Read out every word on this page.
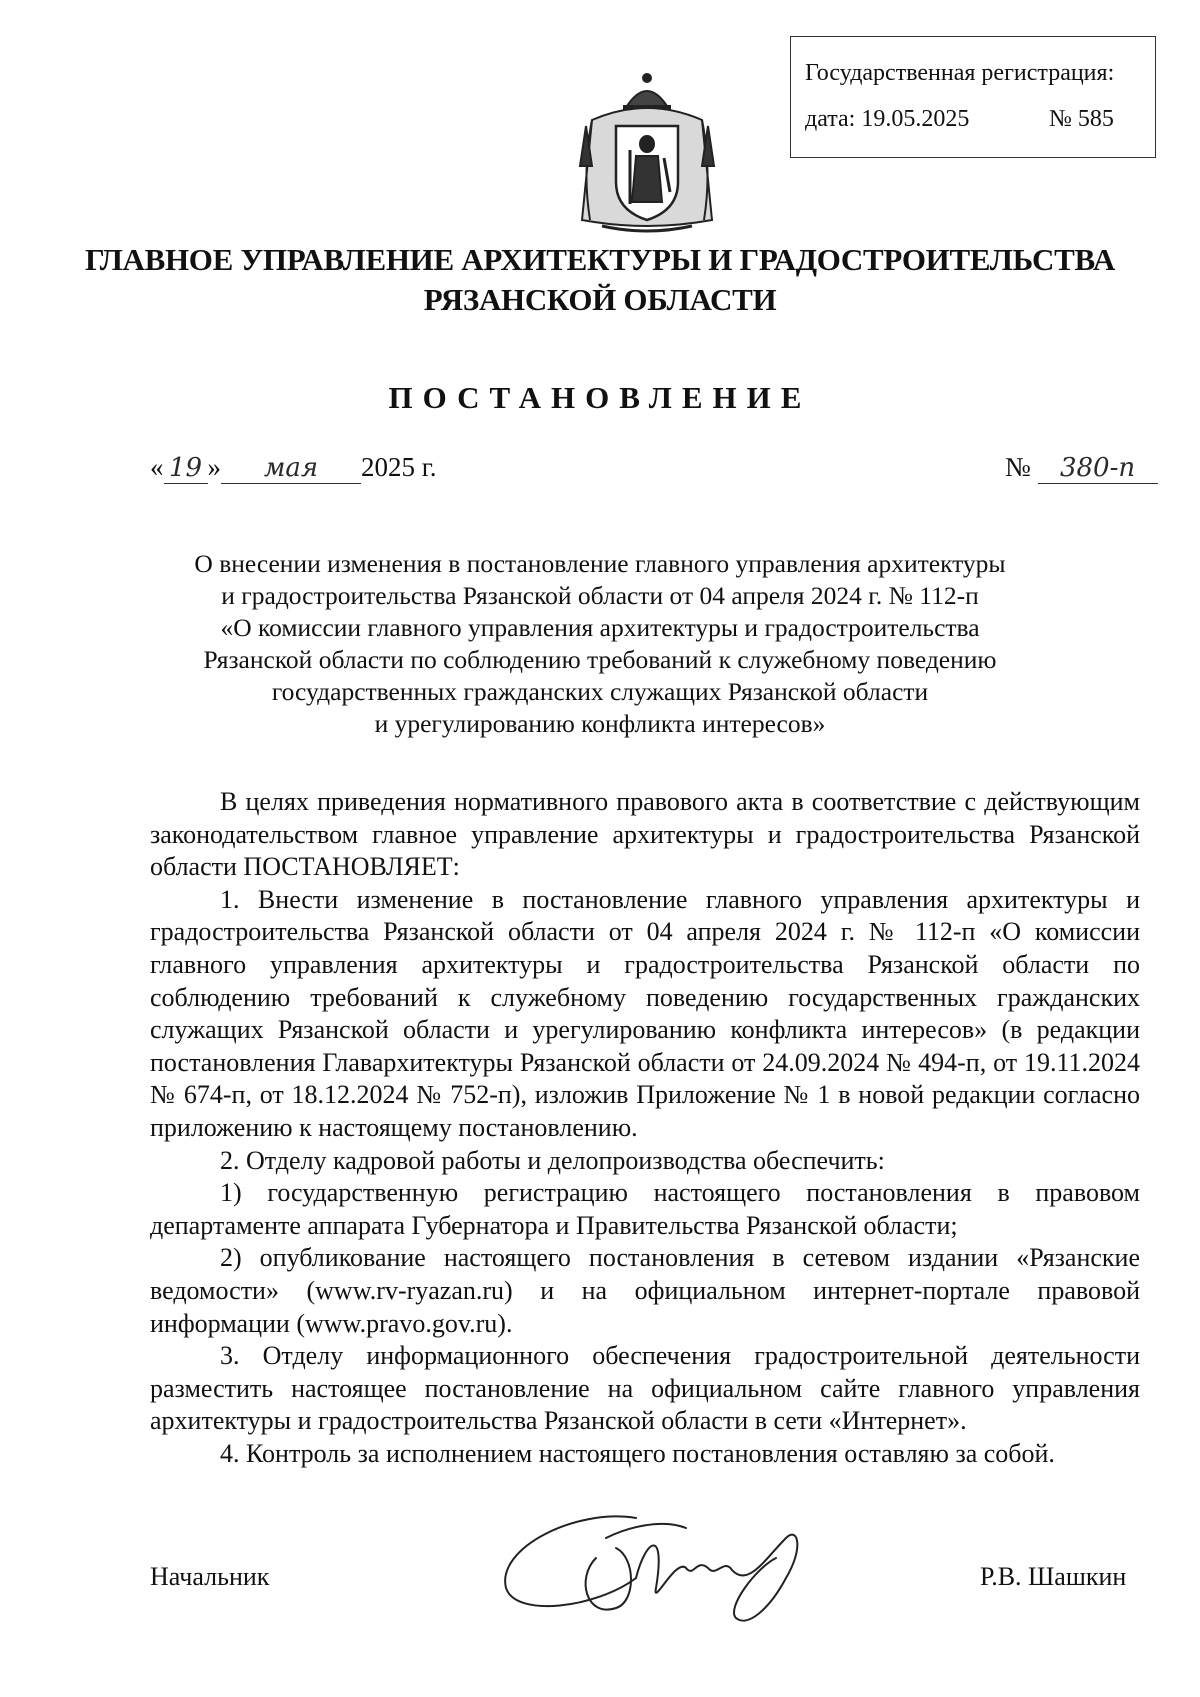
Государственная регистрация:
дата: 19.05.2025	№ 585
ГЛАВНОЕ УПРАВЛЕНИЕ АРХИТЕКТУРЫ И ГРАДОСТРОИТЕЛЬСТВА
РЯЗАНСКОЙ ОБЛАСТИ
ПОСТАНОВЛЕНИЕ
« 19 » мая 2025 г.	№ 380-п
О внесении изменения в постановление главного управления архитектуры
и градостроительства Рязанской области от 04 апреля 2024 г. № 112-п
«О комиссии главного управления архитектуры и градостроительства
Рязанской области по соблюдению требований к служебному поведению
государственных гражданских служащих Рязанской области
и урегулированию конфликта интересов»

В целях приведения нормативного правового акта в соответствие с действующим законодательством главное управление архитектуры и градостроительства Рязанской области ПОСТАНОВЛЯЕТ:

1. Внести изменение в постановление главного управления архитектуры и градостроительства Рязанской области от 04 апреля 2024 г. № 112-п «О комиссии главного управления архитектуры и градостроительства Рязанской области по соблюдению требований к служебному поведению государственных гражданских служащих Рязанской области и урегулированию конфликта интересов» (в редакции постановления Главархитектуры Рязанской области от 24.09.2024 № 494-п, от 19.11.2024 № 674-п, от 18.12.2024 № 752-п), изложив Приложение № 1 в новой редакции согласно приложению к настоящему постановлению.

2. Отделу кадровой работы и делопроизводства обеспечить:

1) государственную регистрацию настоящего постановления в правовом департаменте аппарата Губернатора и Правительства Рязанской области;

2) опубликование настоящего постановления в сетевом издании «Рязанские ведомости» (www.rv-ryazan.ru) и на официальном интернет-портале правовой информации (www.pravo.gov.ru).

3. Отделу информационного обеспечения градостроительной деятельности разместить настоящее постановление на официальном сайте главного управления архитектуры и градостроительства Рязанской области в сети «Интернет».

4. Контроль за исполнением настоящего постановления оставляю за собой.

Начальник	Р.В. Шашкин
